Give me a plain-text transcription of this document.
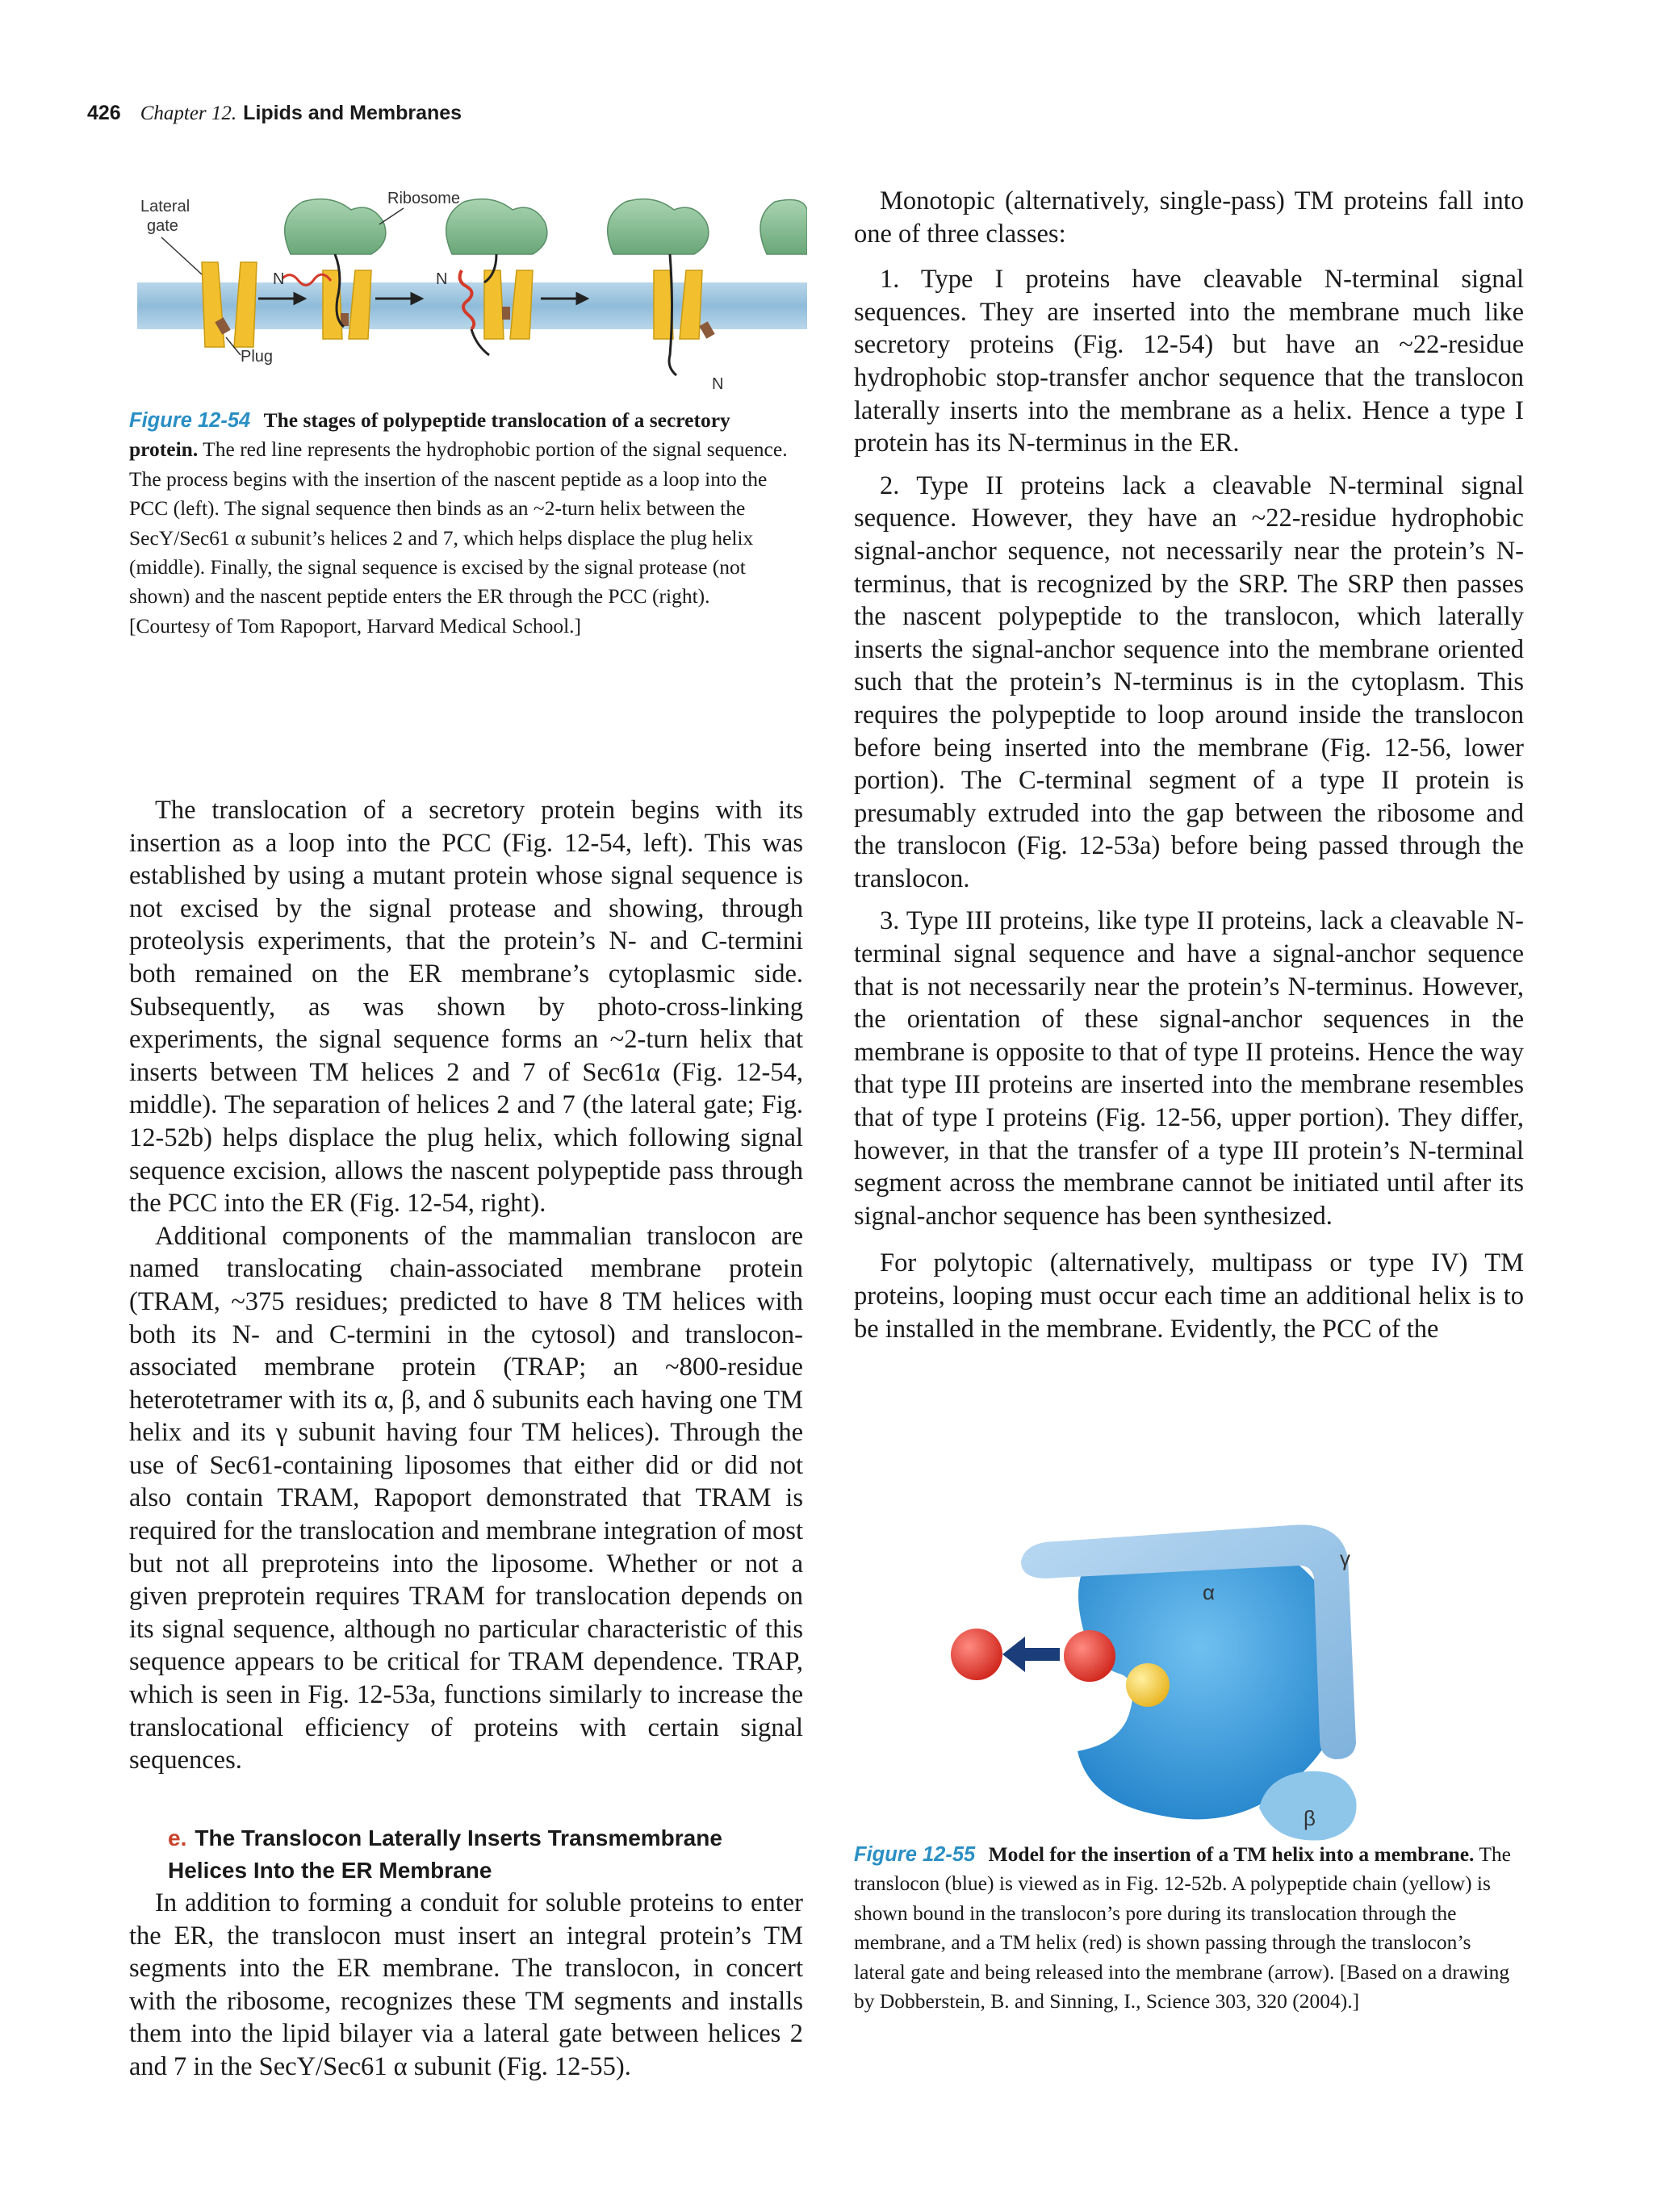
426 Chapter 12. Lipids and Membranes
Lateral
gate
Ribosome
Plug
N	N
N
Figure 12-54 The stages of polypeptide translocation of a secretory protein. The red line represents the hydrophobic portion of the signal sequence. The process begins with the insertion of the nascent peptide as a loop into the PCC (left). The signal sequence then binds as an ~2-turn helix between the SecY/Sec61 α subunit’s helices 2 and 7, which helps displace the plug helix (middle). Finally, the signal sequence is excised by the signal protease (not shown) and the nascent peptide enters the ER through the PCC (right). [Courtesy of Tom Rapoport, Harvard Medical School.]

The translocation of a secretory protein begins with its insertion as a loop into the PCC (Fig. 12-54, left). This was established by using a mutant protein whose signal sequence is not excised by the signal protease and showing, through proteolysis experiments, that the protein’s N- and C-termini both remained on the ER membrane’s cytoplasmic side. Subsequently, as was shown by photo-cross-linking experiments, the signal sequence forms an ~2-turn helix that inserts between TM helices 2 and 7 of Sec61α (Fig. 12-54, middle). The separation of helices 2 and 7 (the lateral gate; Fig. 12-52b) helps displace the plug helix, which following signal sequence excision, allows the nascent polypeptide pass through the PCC into the ER (Fig. 12-54, right).

Additional components of the mammalian translocon are named translocating chain-associated membrane protein (TRAM, ~375 residues; predicted to have 8 TM helices with both its N- and C-termini in the cytosol) and translocon-associated membrane protein (TRAP; an ~800-residue heterotetramer with its α, β, and δ subunits each having one TM helix and its γ subunit having four TM helices). Through the use of Sec61-containing liposomes that either did or did not also contain TRAM, Rapoport demonstrated that TRAM is required for the translocation and membrane integration of most but not all preproteins into the liposome. Whether or not a given preprotein requires TRAM for translocation depends on its signal sequence, although no particular characteristic of this sequence appears to be critical for TRAM dependence. TRAP, which is seen in Fig. 12-53a, functions similarly to increase the translocational efficiency of proteins with certain signal sequences.

e. The Translocon Laterally Inserts Transmembrane Helices Into the ER Membrane

In addition to forming a conduit for soluble proteins to enter the ER, the translocon must insert an integral protein’s TM segments into the ER membrane. The translocon, in concert with the ribosome, recognizes these TM segments and installs them into the lipid bilayer via a lateral gate between helices 2 and 7 in the SecY/Sec61 α subunit (Fig. 12-55).

Monotopic (alternatively, single-pass) TM proteins fall into one of three classes:

1. Type I proteins have cleavable N-terminal signal sequences. They are inserted into the membrane much like secretory proteins (Fig. 12-54) but have an ~22-residue hydrophobic stop-transfer anchor sequence that the translocon laterally inserts into the membrane as a helix. Hence a type I protein has its N-terminus in the ER.

2. Type II proteins lack a cleavable N-terminal signal sequence. However, they have an ~22-residue hydrophobic signal-anchor sequence, not necessarily near the protein’s N-terminus, that is recognized by the SRP. The SRP then passes the nascent polypeptide to the translocon, which laterally inserts the signal-anchor sequence into the membrane oriented such that the protein’s N-terminus is in the cytoplasm. This requires the polypeptide to loop around inside the translocon before being inserted into the membrane (Fig. 12-56, lower portion). The C-terminal segment of a type II protein is presumably extruded into the gap between the ribosome and the translocon (Fig. 12-53a) before being passed through the translocon.

3. Type III proteins, like type II proteins, lack a cleavable N-terminal signal sequence and have a signal-anchor sequence that is not necessarily near the protein’s N-terminus. However, the orientation of these signal-anchor sequences in the membrane is opposite to that of type II proteins. Hence the way that type III proteins are inserted into the membrane resembles that of type I proteins (Fig. 12-56, upper portion). They differ, however, in that the transfer of a type III protein’s N-terminal segment across the membrane cannot be initiated until after its signal-anchor sequence has been synthesized.

For polytopic (alternatively, multipass or type IV) TM proteins, looping must occur each time an additional helix is to be installed in the membrane. Evidently, the PCC of the

γ
α
β
Figure 12-55 Model for the insertion of a TM helix into a membrane. The translocon (blue) is viewed as in Fig. 12-52b. A polypeptide chain (yellow) is shown bound in the translocon’s pore during its translocation through the membrane, and a TM helix (red) is shown passing through the translocon’s lateral gate and being released into the membrane (arrow). [Based on a drawing by Dobberstein, B. and Sinning, I., Science 303, 320 (2004).]
